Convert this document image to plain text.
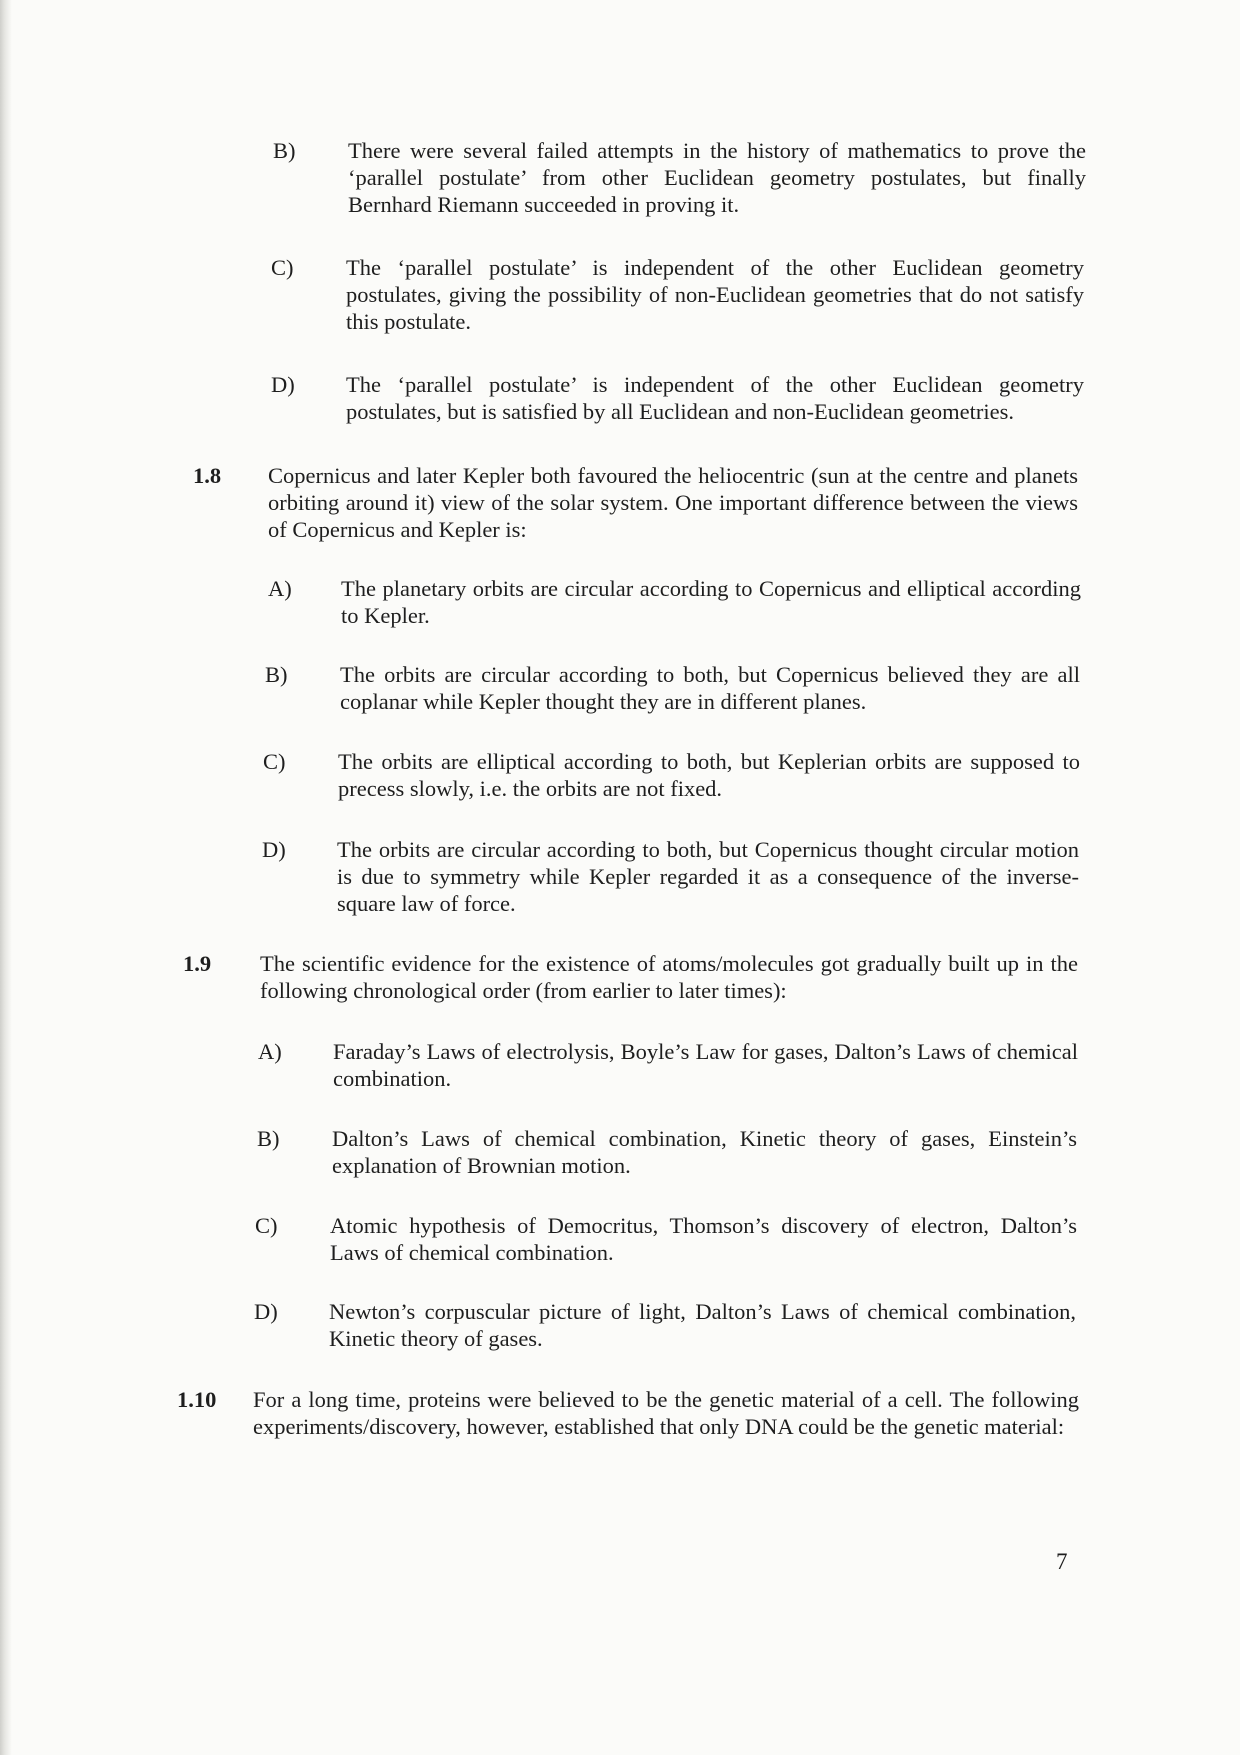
B) There were several failed attempts in the history of mathematics to prove the ‘parallel postulate’ from other Euclidean geometry postulates, but finally Bernhard Riemann succeeded in proving it.
C) The ‘parallel postulate’ is independent of the other Euclidean geometry postulates, giving the possibility of non-Euclidean geometries that do not satisfy this postulate.
D) The ‘parallel postulate’ is independent of the other Euclidean geometry postulates, but is satisfied by all Euclidean and non-Euclidean geometries.
1.8 Copernicus and later Kepler both favoured the heliocentric (sun at the centre and planets orbiting around it) view of the solar system. One important difference between the views of Copernicus and Kepler is:
A) The planetary orbits are circular according to Copernicus and elliptical according to Kepler.
B) The orbits are circular according to both, but Copernicus believed they are all coplanar while Kepler thought they are in different planes.
C) The orbits are elliptical according to both, but Keplerian orbits are supposed to precess slowly, i.e. the orbits are not fixed.
D) The orbits are circular according to both, but Copernicus thought circular motion is due to symmetry while Kepler regarded it as a consequence of the inverse-square law of force.
1.9 The scientific evidence for the existence of atoms/molecules got gradually built up in the following chronological order (from earlier to later times):
A) Faraday’s Laws of electrolysis, Boyle’s Law for gases, Dalton’s Laws of chemical combination.
B) Dalton’s Laws of chemical combination, Kinetic theory of gases, Einstein’s explanation of Brownian motion.
C) Atomic hypothesis of Democritus, Thomson’s discovery of electron, Dalton’s Laws of chemical combination.
D) Newton’s corpuscular picture of light, Dalton’s Laws of chemical combination, Kinetic theory of gases.
1.10 For a long time, proteins were believed to be the genetic material of a cell. The following experiments/discovery, however, established that only DNA could be the genetic material:
7
